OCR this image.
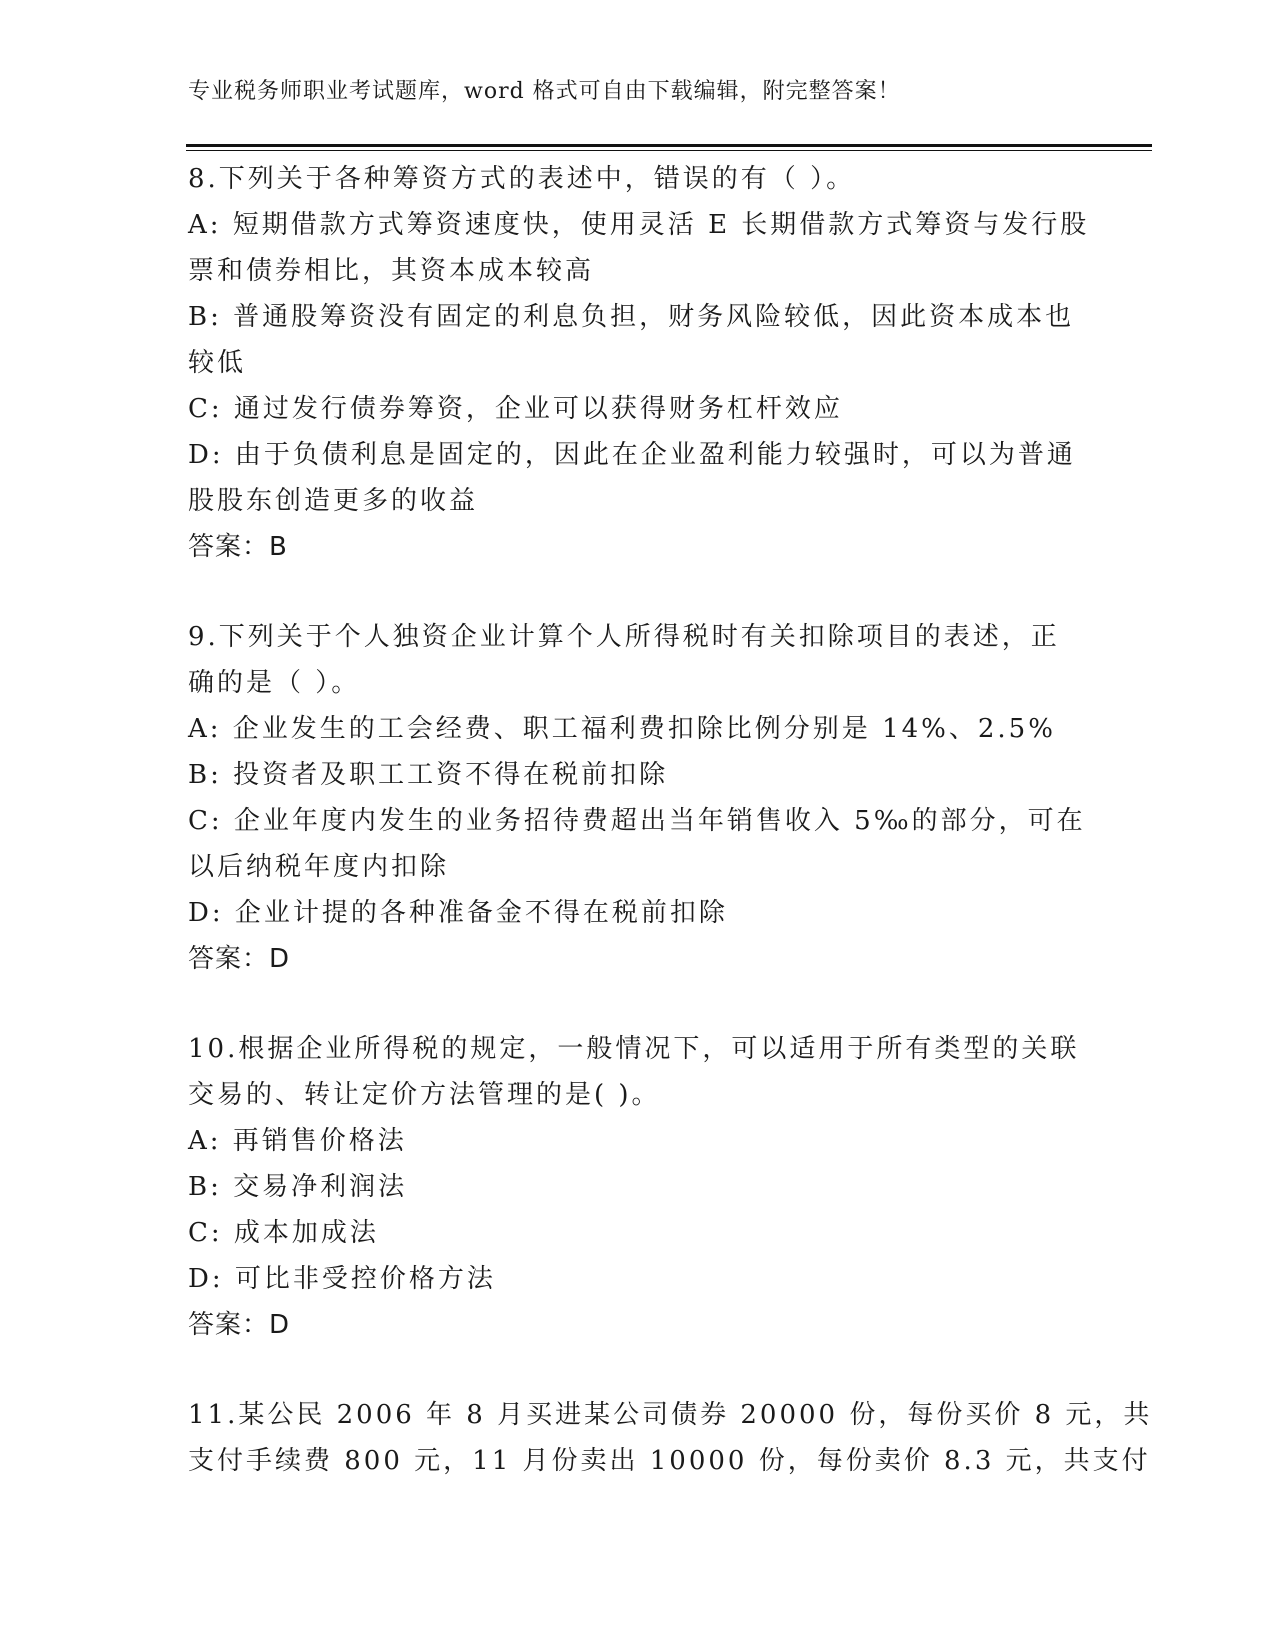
专业税务师职业考试题库，word 格式可自由下载编辑，附完整答案！
8.下列关于各种筹资方式的表述中，错误的有（ ）。
A: 短期借款方式筹资速度快，使用灵活 E 长期借款方式筹资与发行股
票和债券相比，其资本成本较高
B: 普通股筹资没有固定的利息负担，财务风险较低，因此资本成本也
较低
C: 通过发行债券筹资，企业可以获得财务杠杆效应
D: 由于负债利息是固定的，因此在企业盈利能力较强时，可以为普通
股股东创造更多的收益
答案：B
9.下列关于个人独资企业计算个人所得税时有关扣除项目的表述，正
确的是（ ）。
A: 企业发生的工会经费、职工福利费扣除比例分别是 14%、2.5%
B: 投资者及职工工资不得在税前扣除
C: 企业年度内发生的业务招待费超出当年销售收入 5‰的部分，可在
以后纳税年度内扣除
D: 企业计提的各种准备金不得在税前扣除
答案：D
10.根据企业所得税的规定，一般情况下，可以适用于所有类型的关联
交易的、转让定价方法管理的是( )。
A: 再销售价格法
B: 交易净利润法
C: 成本加成法
D: 可比非受控价格方法
答案：D
11.某公民 2006 年 8 月买进某公司债券 20000 份，每份买价 8 元，共
支付手续费 800 元，11 月份卖出 10000 份，每份卖价 8.3 元，共支付
